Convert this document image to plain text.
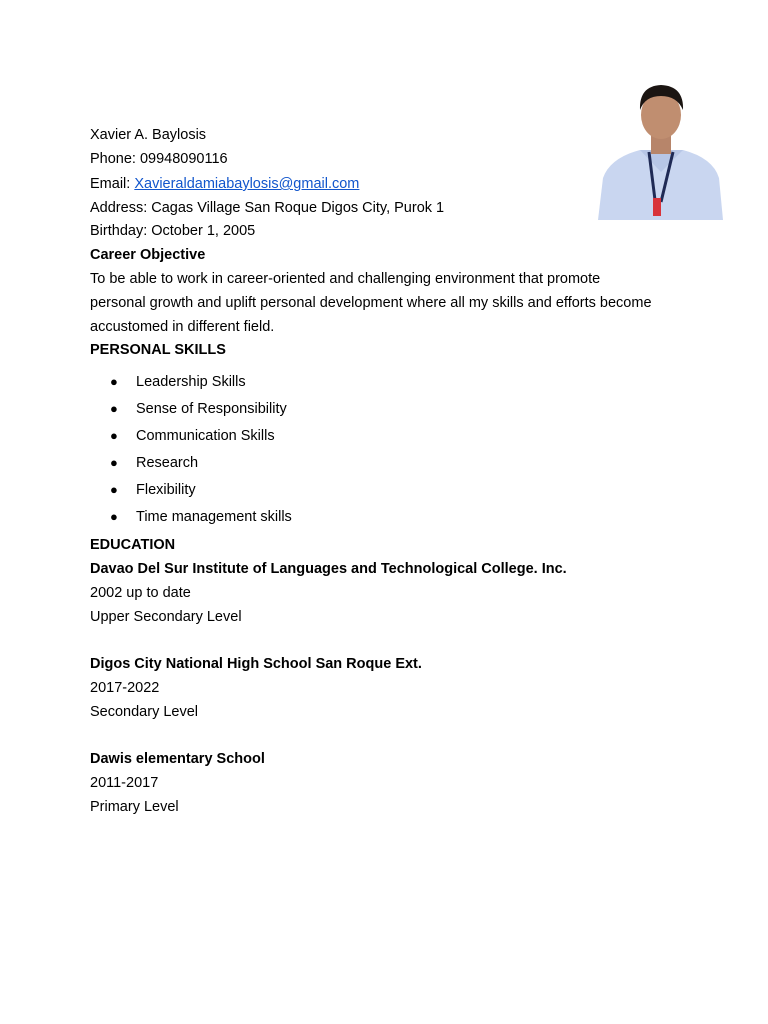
Xavier A. Baylosis
Phone: 09948090116
Email: Xavieraldamiabaylosis@gmail.com
Address: Cagas Village San Roque Digos City, Purok 1
Birthday: October 1, 2005
Career Objective
To be able to work in career-oriented and challenging environment that promote
personal growth and uplift personal development where all my skills and efforts become
accustomed in different field.
PERSONAL SKILLS
● Leadership Skills
● Sense of Responsibility
● Communication Skills
● Research
● Flexibility
● Time management skills
EDUCATION
Davao Del Sur Institute of Languages and Technological College. Inc.
2002 up to date
Upper Secondary Level
Digos City National High School San Roque Ext.
2017-2022
Secondary Level
Dawis elementary School
2011-2017
Primary Level
